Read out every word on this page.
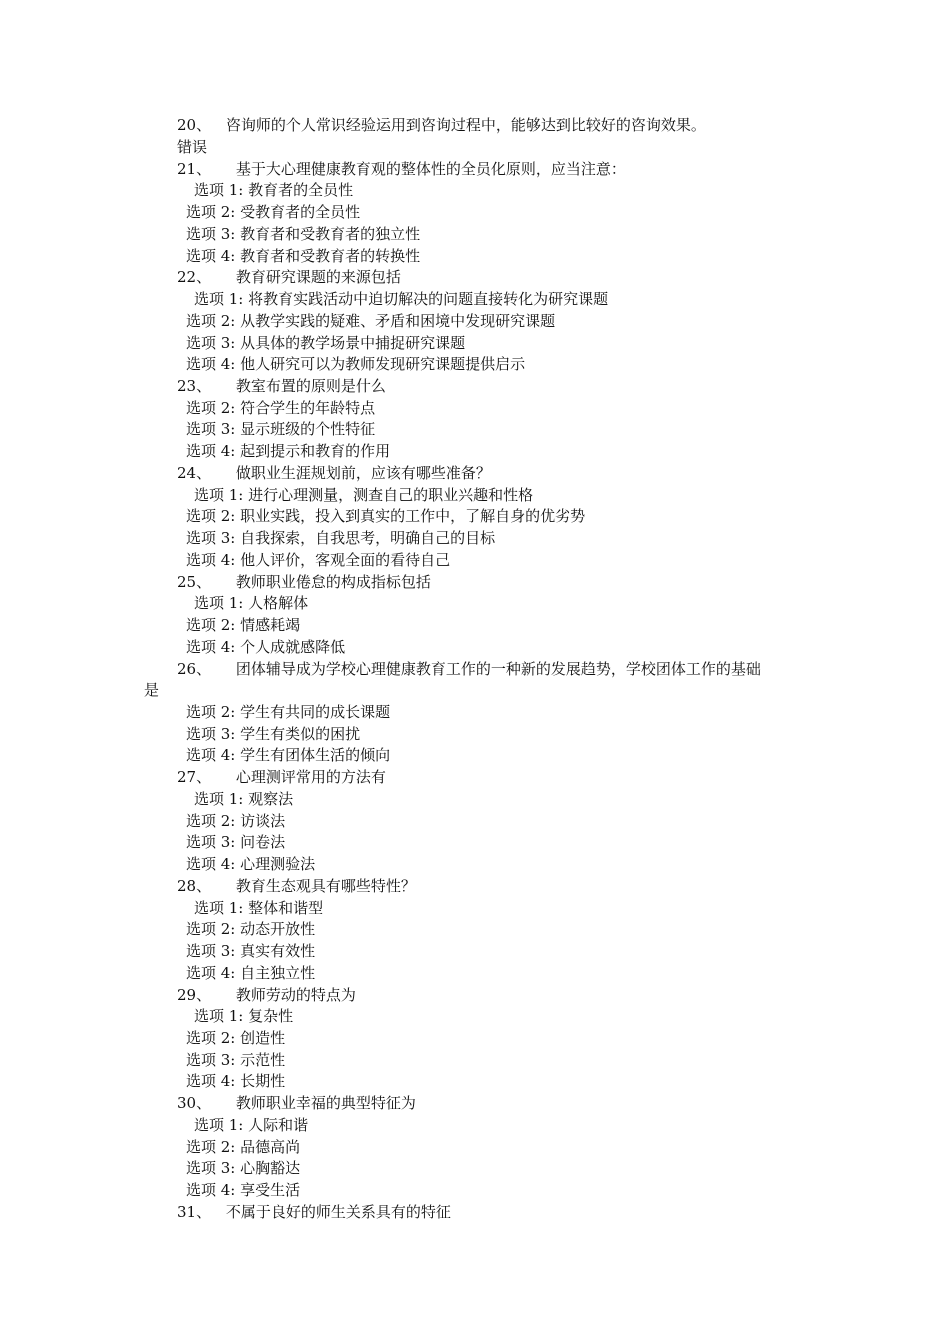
20、 咨询师的个人常识经验运用到咨询过程中，能够达到比较好的咨询效果。
错误
21、 基于大心理健康教育观的整体性的全员化原则，应当注意：
选项 1: 教育者的全员性
选项 2: 受教育者的全员性
选项 3: 教育者和受教育者的独立性
选项 4: 教育者和受教育者的转换性
22、 教育研究课题的来源包括
选项 1: 将教育实践活动中迫切解决的问题直接转化为研究课题
选项 2: 从教学实践的疑难、矛盾和困境中发现研究课题
选项 3: 从具体的教学场景中捕捉研究课题
选项 4: 他人研究可以为教师发现研究课题提供启示
23、 教室布置的原则是什么
选项 2: 符合学生的年龄特点
选项 3: 显示班级的个性特征
选项 4: 起到提示和教育的作用
24、 做职业生涯规划前，应该有哪些准备？
选项 1: 进行心理测量，测查自己的职业兴趣和性格
选项 2: 职业实践，投入到真实的工作中，了解自身的优劣势
选项 3: 自我探索，自我思考，明确自己的目标
选项 4: 他人评价，客观全面的看待自己
25、 教师职业倦怠的构成指标包括
选项 1: 人格解体
选项 2: 情感耗竭
选项 4: 个人成就感降低
26、 团体辅导成为学校心理健康教育工作的一种新的发展趋势，学校团体工作的基础
是
选项 2: 学生有共同的成长课题
选项 3: 学生有类似的困扰
选项 4: 学生有团体生活的倾向
27、 心理测评常用的方法有
选项 1: 观察法
选项 2: 访谈法
选项 3: 问卷法
选项 4: 心理测验法
28、 教育生态观具有哪些特性？
选项 1: 整体和谐型
选项 2: 动态开放性
选项 3: 真实有效性
选项 4: 自主独立性
29、 教师劳动的特点为
选项 1: 复杂性
选项 2: 创造性
选项 3: 示范性
选项 4: 长期性
30、 教师职业幸福的典型特征为
选项 1: 人际和谐
选项 2: 品德高尚
选项 3: 心胸豁达
选项 4: 享受生活
31、 不属于良好的师生关系具有的特征
